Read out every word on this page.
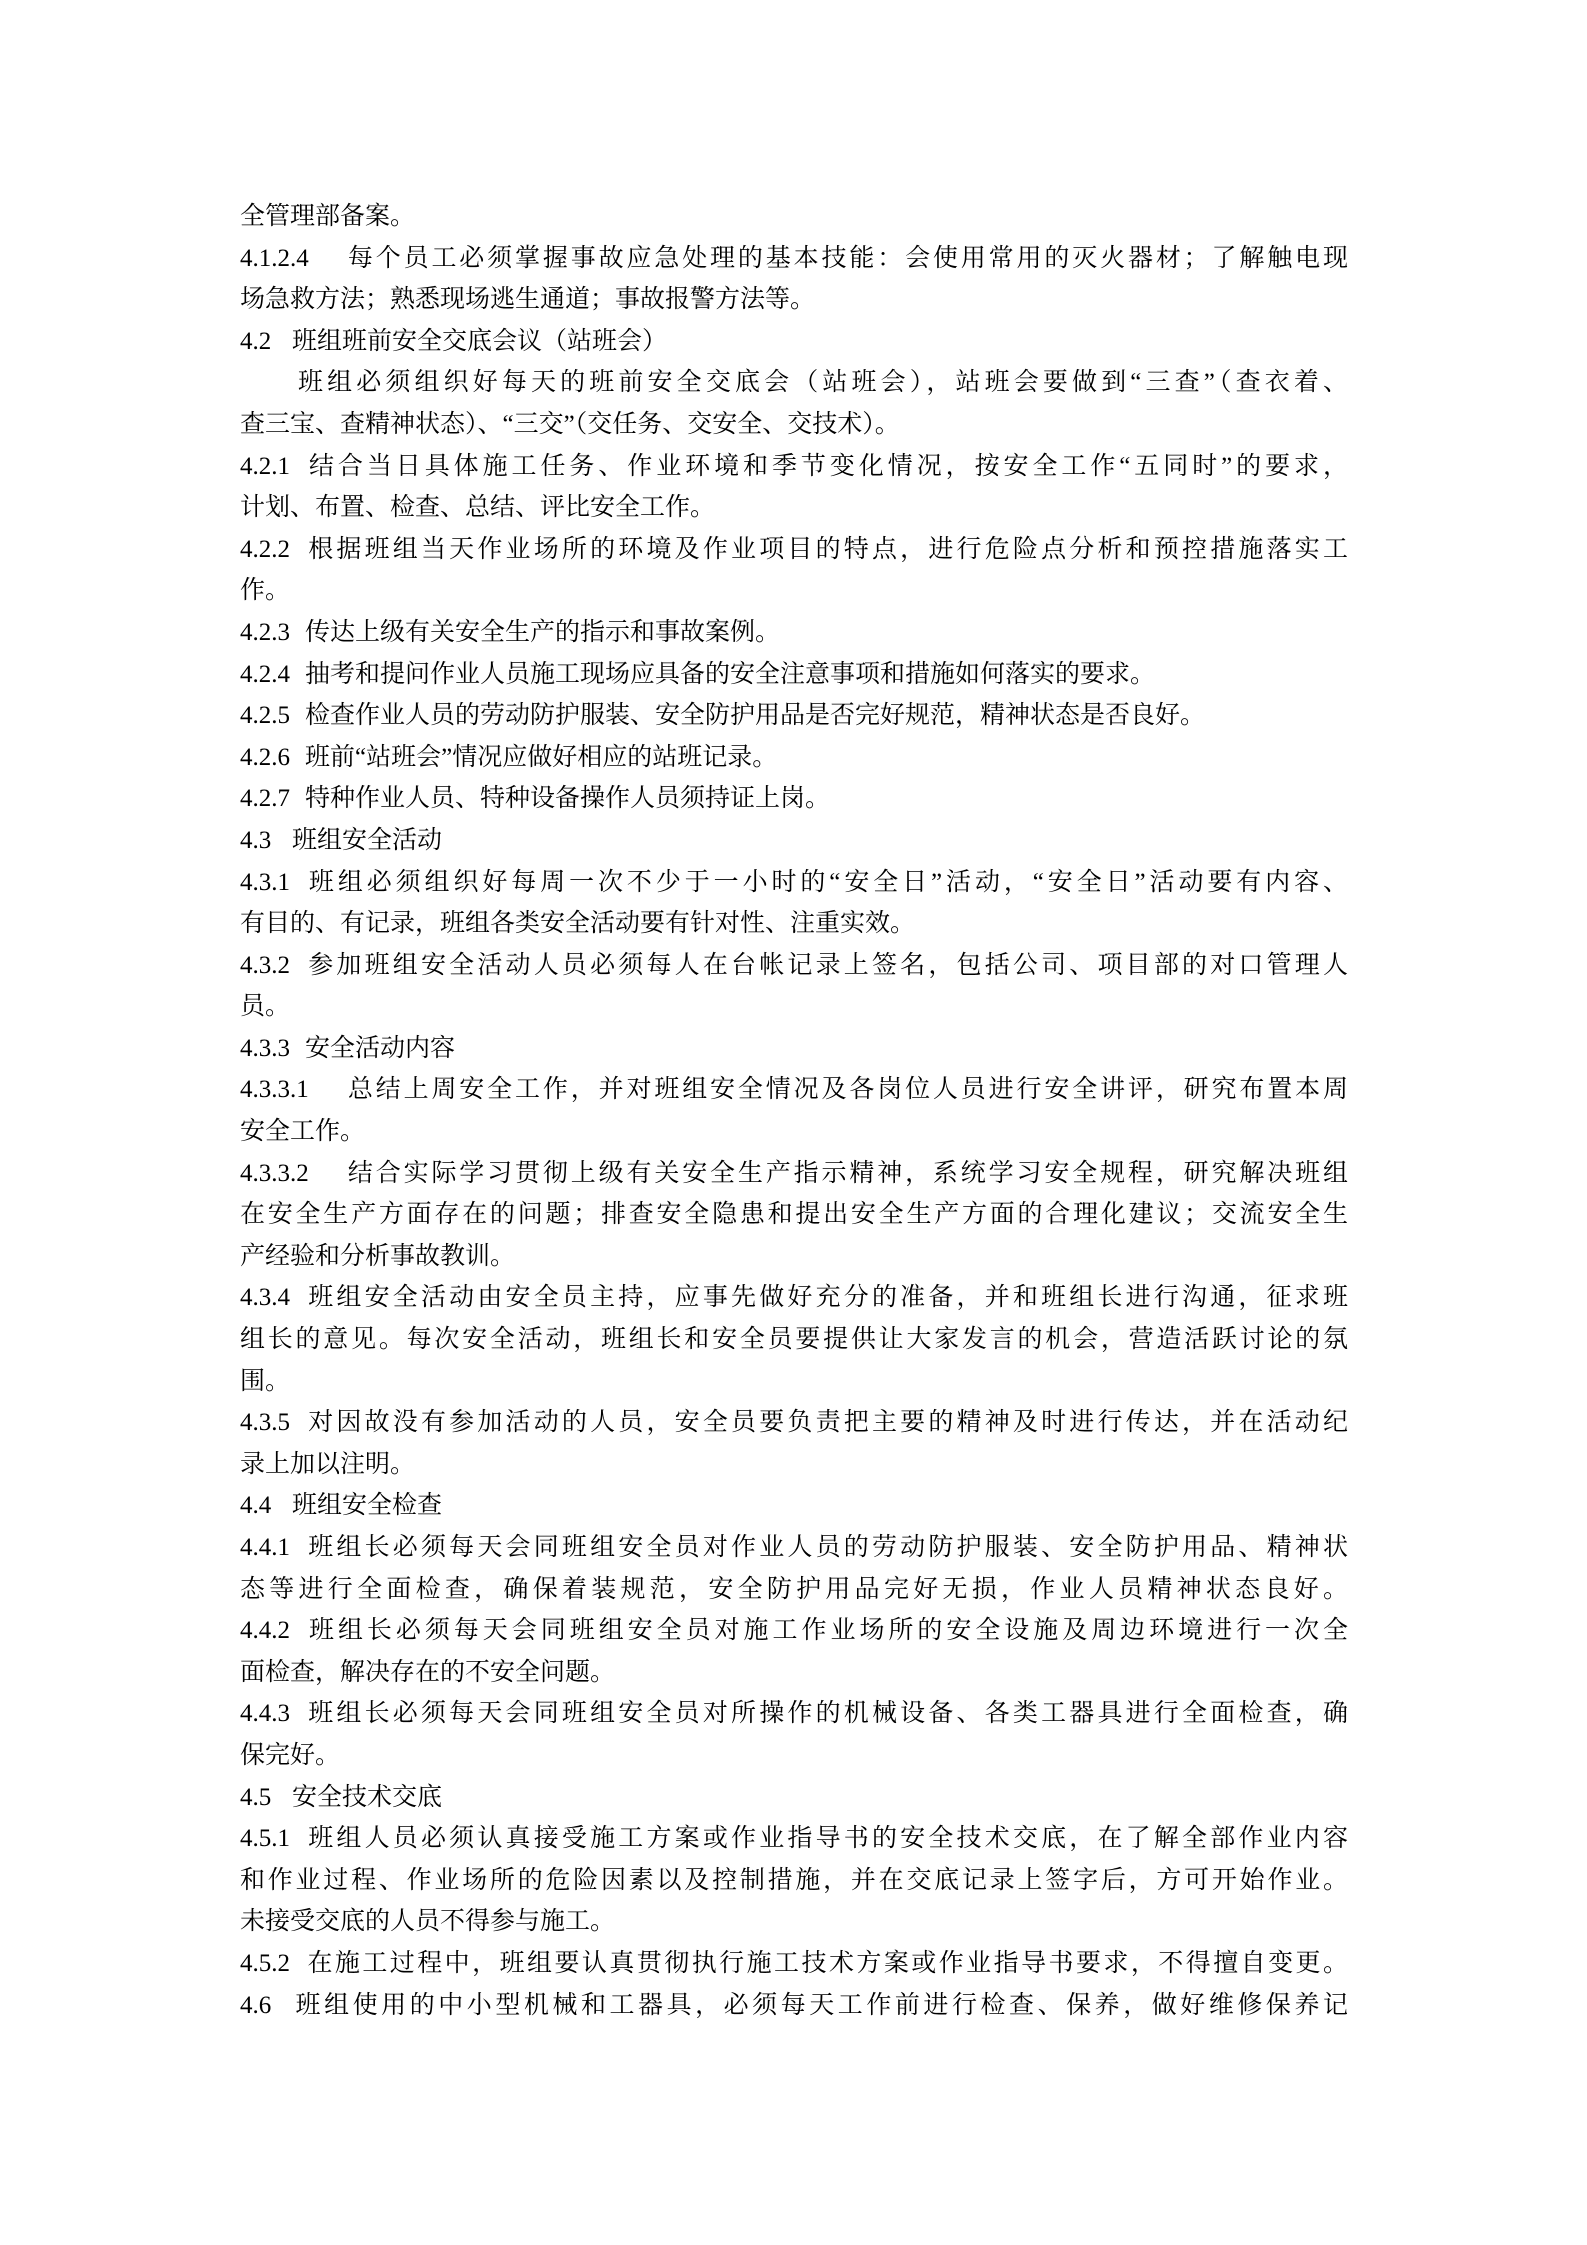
全管理部备案。
4.1.2.4 每个员工必须掌握事故应急处理的基本技能：会使用常用的灭火器材；了解触电现
场急救方法；熟悉现场逃生通道；事故报警方法等。
4.2 班组班前安全交底会议（站班会）
班组必须组织好每天的班前安全交底会（站班会），站班会要做到“三查”（查衣着、
查三宝、查精神状态）、“三交”（交任务、交安全、交技术）。
4.2.1 结合当日具体施工任务、作业环境和季节变化情况，按安全工作“五同时”的要求，
计划、布置、检查、总结、评比安全工作。
4.2.2 根据班组当天作业场所的环境及作业项目的特点，进行危险点分析和预控措施落实工
作。
4.2.3 传达上级有关安全生产的指示和事故案例。
4.2.4 抽考和提问作业人员施工现场应具备的安全注意事项和措施如何落实的要求。
4.2.5 检查作业人员的劳动防护服装、安全防护用品是否完好规范，精神状态是否良好。
4.2.6 班前“站班会”情况应做好相应的站班记录。
4.2.7 特种作业人员、特种设备操作人员须持证上岗。
4.3 班组安全活动
4.3.1 班组必须组织好每周一次不少于一小时的“安全日”活动，“安全日”活动要有内容、
有目的、有记录，班组各类安全活动要有针对性、注重实效。
4.3.2 参加班组安全活动人员必须每人在台帐记录上签名，包括公司、项目部的对口管理人
员。
4.3.3 安全活动内容
4.3.3.1 总结上周安全工作，并对班组安全情况及各岗位人员进行安全讲评，研究布置本周
安全工作。
4.3.3.2 结合实际学习贯彻上级有关安全生产指示精神，系统学习安全规程，研究解决班组
在安全生产方面存在的问题；排查安全隐患和提出安全生产方面的合理化建议；交流安全生
产经验和分析事故教训。
4.3.4 班组安全活动由安全员主持，应事先做好充分的准备，并和班组长进行沟通，征求班
组长的意见。每次安全活动，班组长和安全员要提供让大家发言的机会，营造活跃讨论的氛
围。
4.3.5 对因故没有参加活动的人员，安全员要负责把主要的精神及时进行传达，并在活动纪
录上加以注明。
4.4 班组安全检查
4.4.1 班组长必须每天会同班组安全员对作业人员的劳动防护服装、安全防护用品、精神状
态等进行全面检查，确保着装规范，安全防护用品完好无损，作业人员精神状态良好。
4.4.2 班组长必须每天会同班组安全员对施工作业场所的安全设施及周边环境进行一次全
面检查，解决存在的不安全问题。
4.4.3 班组长必须每天会同班组安全员对所操作的机械设备、各类工器具进行全面检查，确
保完好。
4.5 安全技术交底
4.5.1 班组人员必须认真接受施工方案或作业指导书的安全技术交底，在了解全部作业内容
和作业过程、作业场所的危险因素以及控制措施，并在交底记录上签字后，方可开始作业。
未接受交底的人员不得参与施工。
4.5.2 在施工过程中，班组要认真贯彻执行施工技术方案或作业指导书要求，不得擅自变更。
4.6 班组使用的中小型机械和工器具，必须每天工作前进行检查、保养，做好维修保养记
